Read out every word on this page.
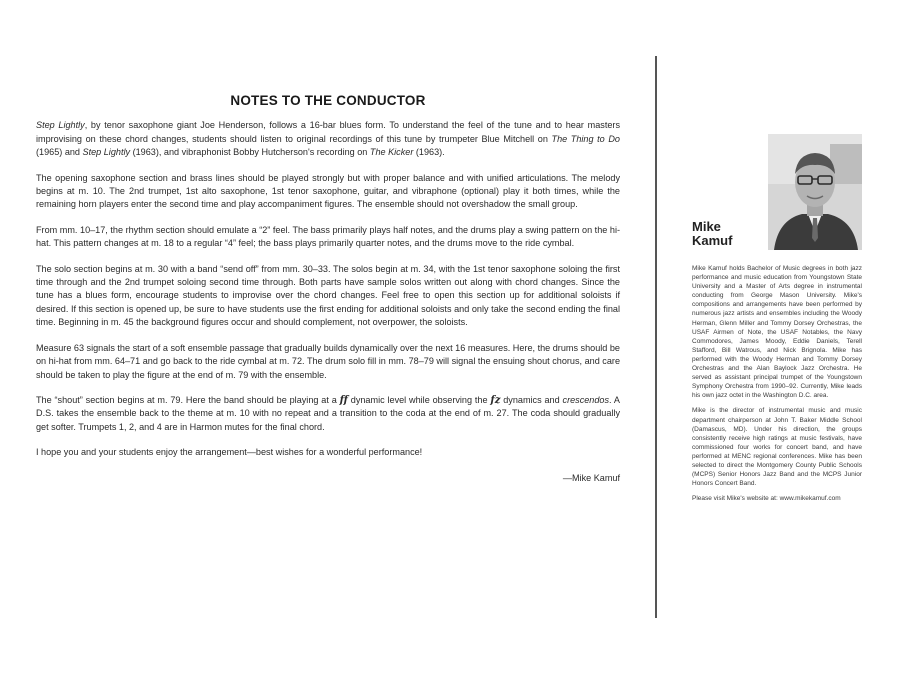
NOTES TO THE CONDUCTOR

Step Lightly, by tenor saxophone giant Joe Henderson, follows a 16-bar blues form. To understand the feel of the tune and to hear masters improvising on these chord changes, students should listen to original recordings of this tune by trumpeter Blue Mitchell on The Thing to Do (1965) and Step Lightly (1963), and vibraphonist Bobby Hutcherson's recording on The Kicker (1963).

The opening saxophone section and brass lines should be played strongly but with proper balance and with unified articulations. The melody begins at m. 10. The 2nd trumpet, 1st alto saxophone, 1st tenor saxophone, guitar, and vibraphone (optional) play it both times, while the remaining horn players enter the second time and play accompaniment figures. The ensemble should not overshadow the small group.

From mm. 10–17, the rhythm section should emulate a “2” feel. The bass primarily plays half notes, and the drums play a swing pattern on the hi-hat. This pattern changes at m. 18 to a regular “4” feel; the bass plays primarily quarter notes, and the drums move to the ride cymbal.

The solo section begins at m. 30 with a band “send off” from mm. 30–33. The solos begin at m. 34, with the 1st tenor saxophone soloing the first time through and the 2nd trumpet soloing second time through. Both parts have sample solos written out along with chord changes. Since the tune has a blues form, encourage students to improvise over the chord changes. Feel free to open this section up for additional soloists if desired. If this section is opened up, be sure to have students use the first ending for additional soloists and only take the second ending the final time. Beginning in m. 45 the background figures occur and should complement, not overpower, the soloists.

Measure 63 signals the start of a soft ensemble passage that gradually builds dynamically over the next 16 measures. Here, the drums should be on hi-hat from mm. 64–71 and go back to the ride cymbal at m. 72. The drum solo fill in mm. 78–79 will signal the ensuing shout chorus, and care should be taken to play the figure at the end of m. 79 with the ensemble.

The “shout” section begins at m. 79. Here the band should be playing at a ff dynamic level while observing the fz dynamics and crescendos. A D.S. takes the ensemble back to the theme at m. 10 with no repeat and a transition to the coda at the end of m. 27. The coda should gradually get softer. Trumpets 1, 2, and 4 are in Harmon mutes for the final chord.

I hope you and your students enjoy the arrangement—best wishes for a wonderful performance!

—Mike Kamuf

Mike
Kamuf

Mike Kamuf holds Bachelor of Music degrees in both jazz performance and music education from Youngstown State University and a Master of Arts degree in instrumental conducting from George Mason University. Mike's compositions and arrangements have been performed by numerous jazz artists and ensembles including the Woody Herman, Glenn Miller and Tommy Dorsey Orchestras, the USAF Airmen of Note, the USAF Notables, the Navy Commodores, James Moody, Eddie Daniels, Terell Stafford, Bill Watrous, and Nick Brignola. Mike has performed with the Woody Herman and Tommy Dorsey Orchestras and the Alan Baylock Jazz Orchestra. He served as assistant principal trumpet of the Youngstown Symphony Orchestra from 1990–92. Currently, Mike leads his own jazz octet in the Washington D.C. area.

Mike is the director of instrumental music and music department chairperson at John T. Baker Middle School (Damascus, MD). Under his direction, the groups consistently receive high ratings at music festivals, have commissioned four works for concert band, and have performed at MENC regional conferences. Mike has been selected to direct the Montgomery County Public Schools (MCPS) Senior Honors Jazz Band and the MCPS Junior Honors Concert Band.

Please visit Mike's website at: www.mikekamuf.com
